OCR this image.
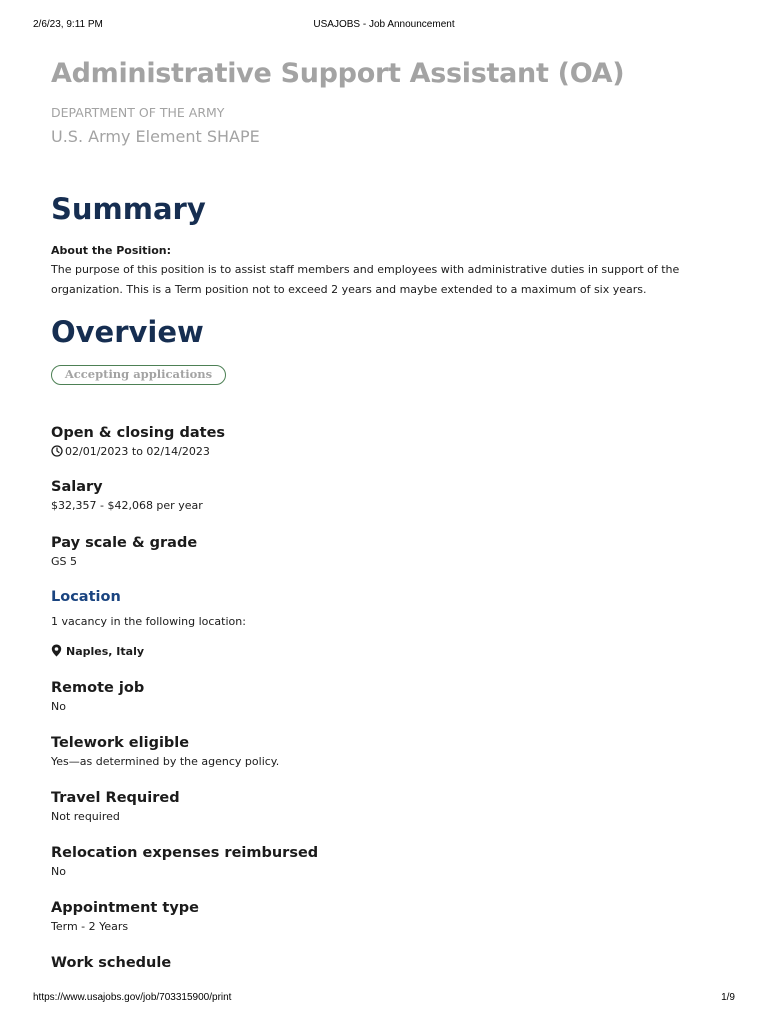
2/6/23, 9:11 PM	USAJOBS - Job Announcement
Administrative Support Assistant (OA)
DEPARTMENT OF THE ARMY
U.S. Army Element SHAPE
Summary
About the Position:
The purpose of this position is to assist staff members and employees with administrative duties in support of the organization. This is a Term position not to exceed 2 years and maybe extended to a maximum of six years.
Overview
Accepting applications
Open & closing dates
02/01/2023 to 02/14/2023
Salary
$32,357 - $42,068 per year
Pay scale & grade
GS 5
Location
1 vacancy in the following location:
Naples, Italy
Remote job
No
Telework eligible
Yes—as determined by the agency policy.
Travel Required
Not required
Relocation expenses reimbursed
No
Appointment type
Term - 2 Years
Work schedule
https://www.usajobs.gov/job/703315900/print	1/9
